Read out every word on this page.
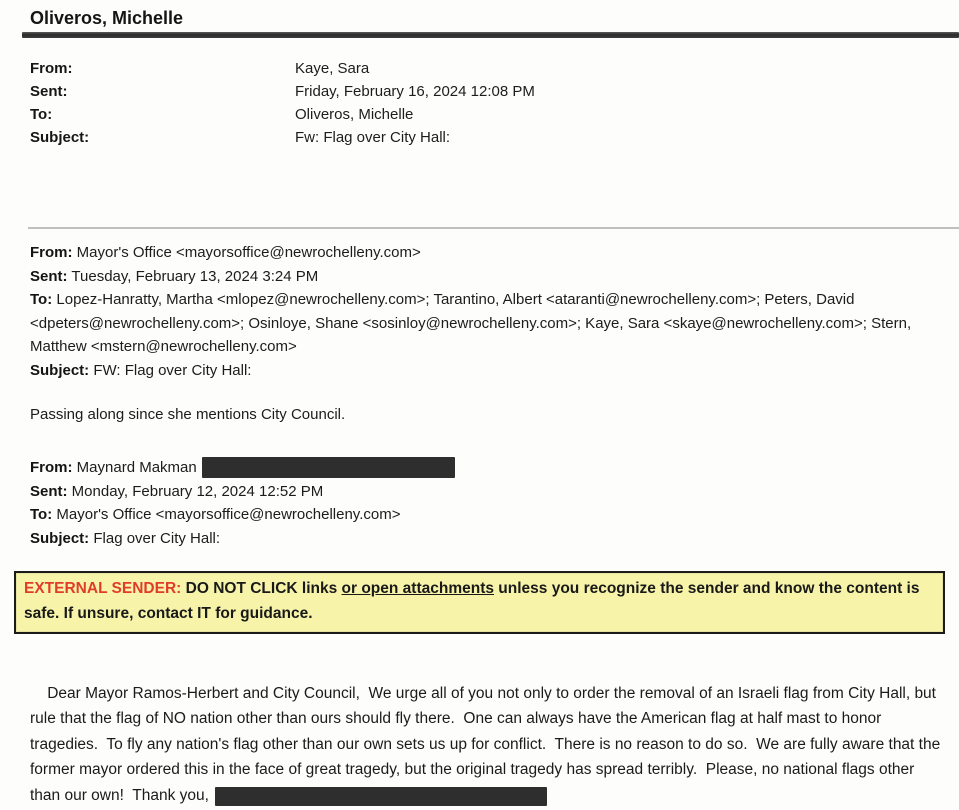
Oliveros, Michelle
From:	Kaye, Sara
Sent:	Friday, February 16, 2024 12:08 PM
To:	Oliveros, Michelle
Subject:	Fw: Flag over City Hall:
From: Mayor's Office <mayorsoffice@newrochelleny.com>
Sent: Tuesday, February 13, 2024 3:24 PM
To: Lopez-Hanratty, Martha <mlopez@newrochelleny.com>; Tarantino, Albert <ataranti@newrochelleny.com>; Peters, David <dpeters@newrochelleny.com>; Osinloye, Shane <sosinloy@newrochelleny.com>; Kaye, Sara <skaye@newrochelleny.com>; Stern, Matthew <mstern@newrochelleny.com>
Subject: FW: Flag over City Hall:
Passing along since she mentions City Council.
From: Maynard Makman
Sent: Monday, February 12, 2024 12:52 PM
To: Mayor's Office <mayorsoffice@newrochelleny.com>
Subject: Flag over City Hall:
EXTERNAL SENDER: DO NOT CLICK links or open attachments unless you recognize the sender and know the content is safe. If unsure, contact IT for guidance.

Dear Mayor Ramos-Herbert and City Council,  We urge all of you not only to order the removal of an Israeli flag from City Hall, but rule that the flag of NO nation other than ours should fly there.  One can always have the American flag at half mast to honor tragedies.  To fly any nation's flag other than our own sets us up for conflict.  There is no reason to do so.  We are fully aware that the former mayor ordered this in the face of great tragedy, but the original tragedy has spread terribly.  Please, no national flags other than our own!  Thank you,
